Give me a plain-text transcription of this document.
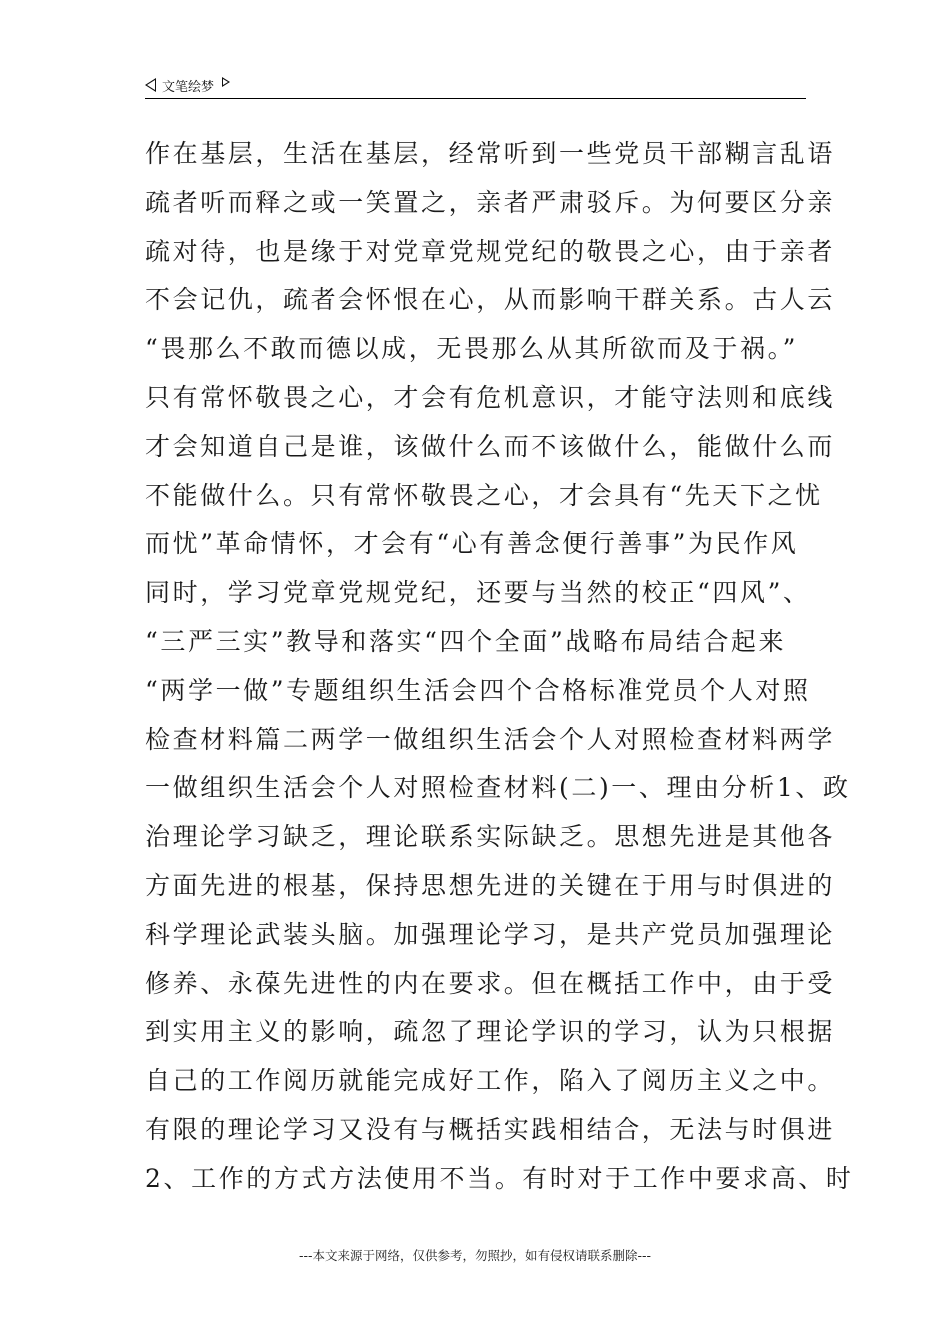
文笔绘梦
作在基层，生活在基层，经常听到一些党员干部糊言乱语
疏者听而释之或一笑置之，亲者严肃驳斥。为何要区分亲
疏对待，也是缘于对党章党规党纪的敬畏之心，由于亲者
不会记仇，疏者会怀恨在心，从而影响干群关系。古人云
“畏那么不敢而德以成，无畏那么从其所欲而及于祸。”
只有常怀敬畏之心，才会有危机意识，才能守法则和底线
才会知道自己是谁，该做什么而不该做什么，能做什么而
不能做什么。只有常怀敬畏之心，才会具有“先天下之忧
而忧”革命情怀，才会有“心有善念便行善事”为民作风
同时，学习党章党规党纪，还要与当然的校正“四风”、
“三严三实”教导和落实“四个全面”战略布局结合起来
“两学一做”专题组织生活会四个合格标准党员个人对照
检查材料篇二两学一做组织生活会个人对照检查材料两学
一做组织生活会个人对照检查材料(二)一、理由分析1、政
治理论学习缺乏，理论联系实际缺乏。思想先进是其他各
方面先进的根基，保持思想先进的关键在于用与时俱进的
科学理论武装头脑。加强理论学习，是共产党员加强理论
修养、永葆先进性的内在要求。但在概括工作中，由于受
到实用主义的影响，疏忽了理论学识的学习，认为只根据
自己的工作阅历就能完成好工作，陷入了阅历主义之中。
有限的理论学习又没有与概括实践相结合，无法与时俱进
2、工作的方式方法使用不当。有时对于工作中要求高、时
---本文来源于网络，仅供参考，勿照抄，如有侵权请联系删除---
